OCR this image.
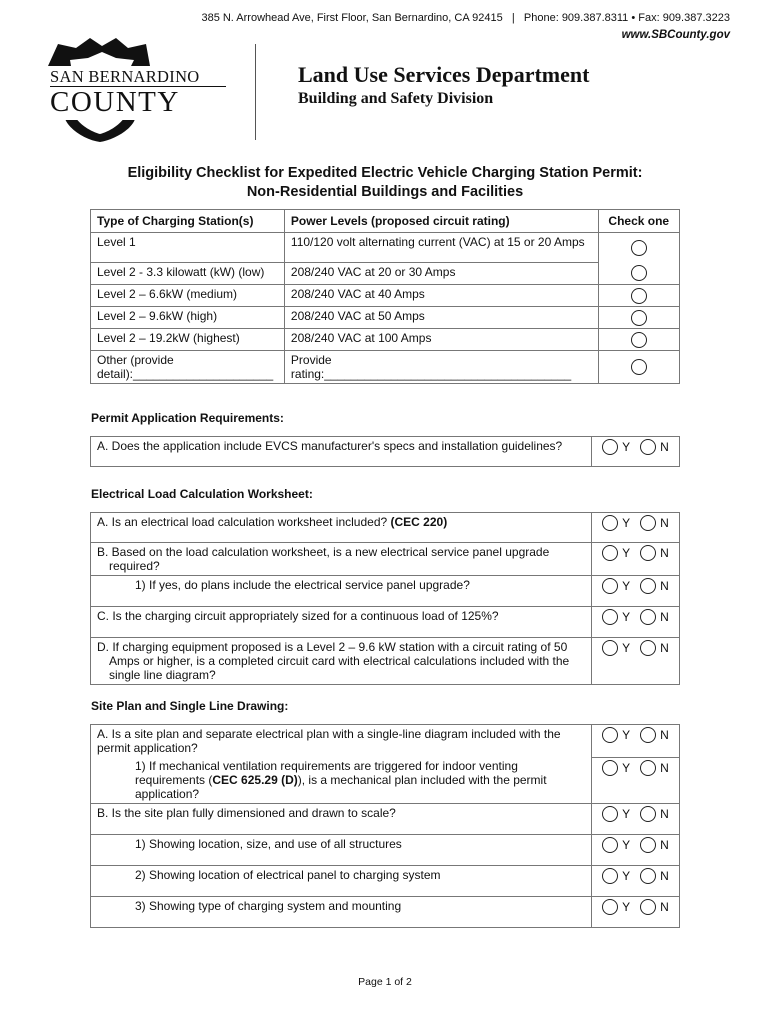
385 N. Arrowhead Ave, First Floor, San Bernardino, CA 92415   |   Phone: 909.387.8311 • Fax: 909.387.3223
www.SBCounty.gov
SAN BERNARDINO
COUNTY
Land Use Services Department
Building and Safety Division
Eligibility Checklist for Expedited Electric Vehicle Charging Station Permit:
Non-Residential Buildings and Facilities
Type of Charging Station(s)	Power Levels (proposed circuit rating)	Check one
Level 1	110/120 volt alternating current (VAC) at 15 or 20 Amps	
Level 2 - 3.3 kilowatt (kW) (low)	208/240 VAC at 20 or 30 Amps	
Level 2 – 6.6kW (medium)	208/240 VAC at 40 Amps	
Level 2 – 9.6kW (high)	208/240 VAC at 50 Amps	
Level 2 – 19.2kW (highest)	208/240 VAC at 100 Amps	
Other (provide detail):_____________________	Provide rating:_____________________________________	
Permit Application Requirements:
A. Does the application include EVCS manufacturer's specs and installation guidelines?	Y	N
Electrical Load Calculation Worksheet:
A. Is an electrical load calculation worksheet included? (CEC 220)	Y N

B. Based on the load calculation worksheet, is a new electrical service panel upgrade required?	Y N
1) If yes, do plans include the electrical service panel upgrade?	Y N
C. Is the charging circuit appropriately sized for a continuous load of 125%?	Y N

D. If charging equipment proposed is a Level 2 – 9.6 kW station with a circuit rating of 50 Amps or higher, is a completed circuit card with electrical calculations included with the single line diagram?	Y N
Site Plan and Single Line Drawing:
A. Is a site plan and separate electrical plan with a single-line diagram included with the permit application?	Y N
1) If mechanical ventilation requirements are triggered for indoor venting requirements (CEC 625.29 (D)), is a mechanical plan included with the permit application?	Y N
B. Is the site plan fully dimensioned and drawn to scale?	Y N
1) Showing location, size, and use of all structures	Y N
2) Showing location of electrical panel to charging system	Y N
3) Showing type of charging system and mounting	Y N
Page 1 of 2
